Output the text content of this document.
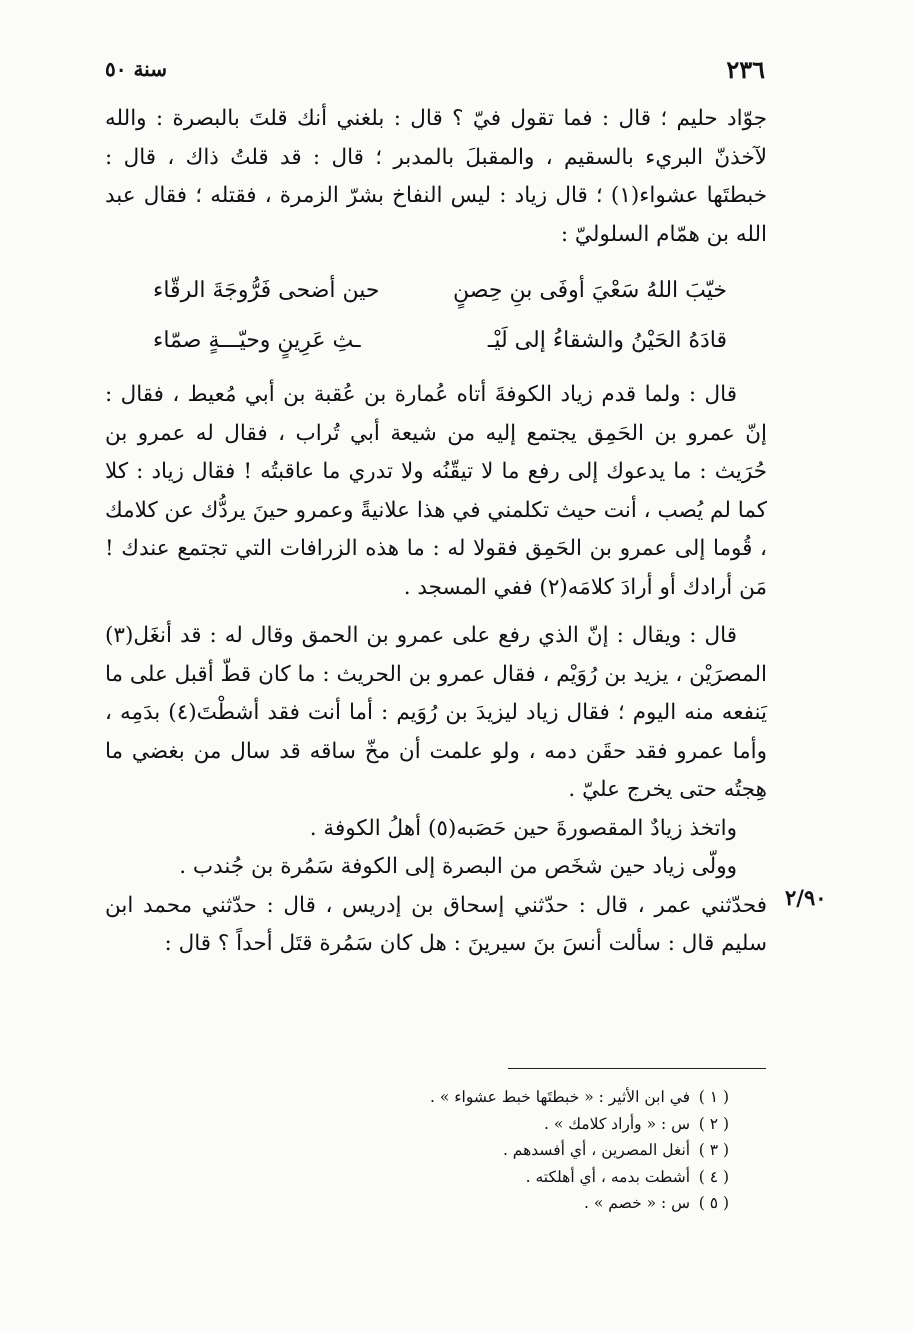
٢٣٦
سنة ٥٠

جوّاد حليم ؛ قال : فما تقول فيّ ؟ قال : بلغني أنك قلتَ بالبصرة : والله لآخذنّ البريء بالسقيم ، والمقبلَ بالمدبر ؛ قال : قد قلتُ ذاك ، قال : خبطتَها عشواء(١) ؛ قال زياد : ليس النفاخ بشرّ الزمرة ، فقتله ؛ فقال عبد الله بن همّام السلوليّ :

خيّبَ اللهُ سَعْيَ أوفَى بنِ حِصنٍ
حين أضحى فَرُّوجَةَ الرقّاء
قادَهُ الحَيْنُ والشقاءُ إلى لَيْـ
ـثِ عَرِينٍ وحيّـــةٍ صمّاء

قال : ولما قدم زياد الكوفةَ أتاه عُمارة بن عُقبة بن أبي مُعيط ، فقال : إنّ عمرو بن الحَمِق يجتمع إليه من شيعة أبي تُراب ، فقال له عمرو بن حُرَيث : ما يدعوك إلى رفع ما لا تيقّنُه ولا تدري ما عاقبتُه ! فقال زياد : كلا كما لم يُصب ، أنت حيث تكلمني في هذا علانيةً وعمرو حينَ يردُّك عن كلامك ، قُوما إلى عمرو بن الحَمِق فقولا له : ما هذه الزرافات التي تجتمع عندك ! مَن أرادك أو أرادَ كلامَه(٢) ففي المسجد .

قال : ويقال : إنّ الذي رفع على عمرو بن الحمق وقال له : قد أنغَل(٣) المصرَيْن ، يزيد بن رُوَيْم ، فقال عمرو بن الحريث : ما كان قطّ أقبل على ما يَنفعه منه اليوم ؛ فقال زياد ليزيدَ بن رُوَيم : أما أنت فقد أشطْتَ(٤) بدَمِه ، وأما عمرو فقد حقَن دمه ، ولو علمت أن مخّ ساقه قد سال من بغضي ما هِجتُه حتى يخرج عليّ .

واتخذ زيادٌ المقصورةَ حين حَصَبه(٥) أهلُ الكوفة .

وولّى زياد حين شخَص من البصرة إلى الكوفة سَمُرة بن جُندب .

فحدّثني عمر ، قال : حدّثني إسحاق بن إدريس ، قال : حدّثني محمد ابن سليم قال : سألت أنسَ بنَ سيرينَ : هل كان سَمُرة قتَل أحداً ؟ قال :

٢/٩٠
( ١ ) في ابن الأثير : « خبطتَها خبط عشواء » .
( ٢ ) س : « وأراد كلامك » .
( ٣ ) أنغل المصرين ، أي أفسدهم .
( ٤ ) أشطت بدمه ، أي أهلكته .
( ٥ ) س : « خصم » .
